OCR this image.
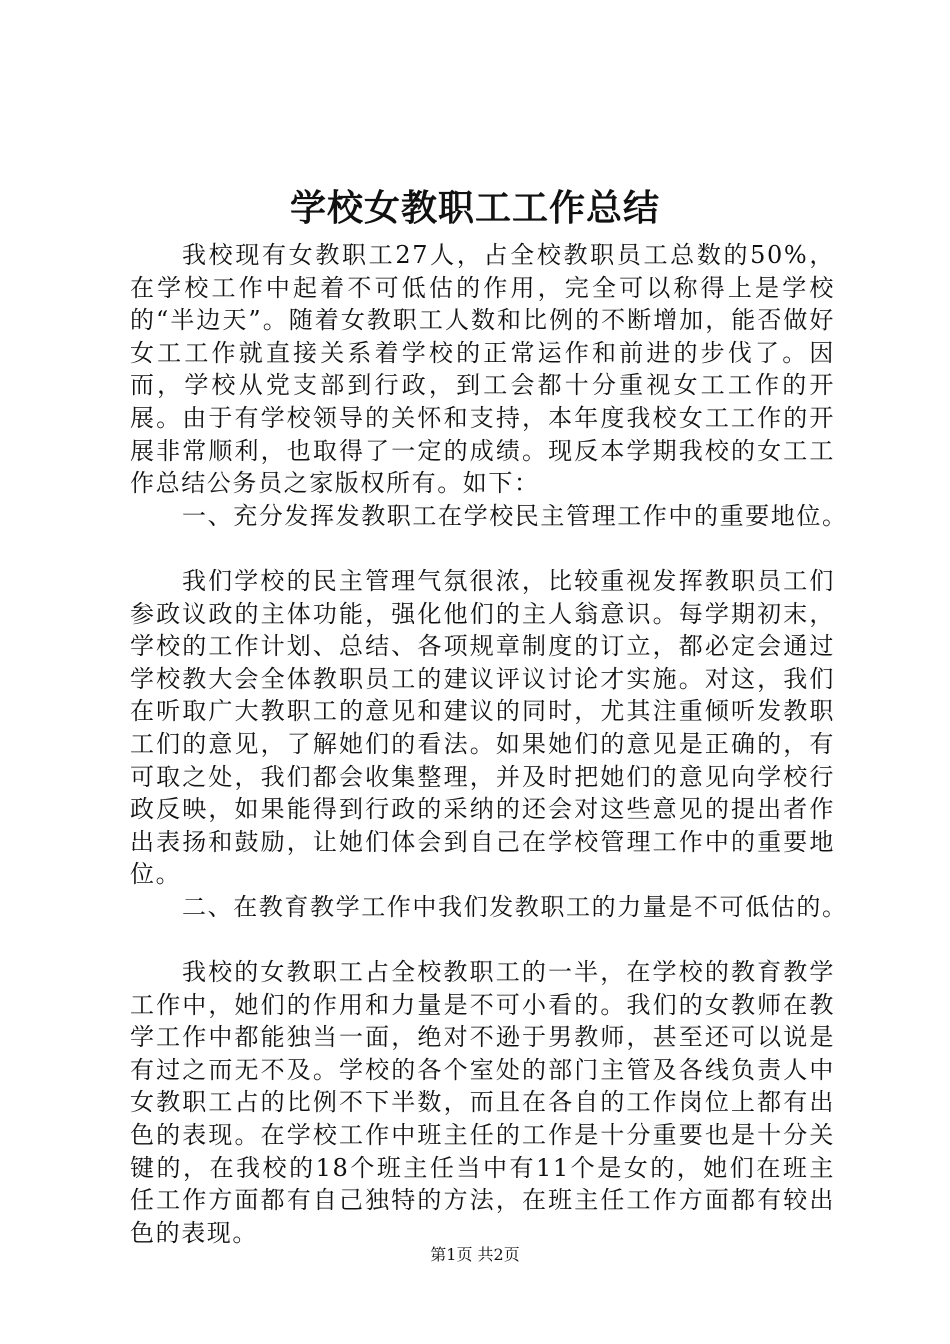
学校女教职工工作总结

我校现有女教职工27人，占全校教职员工总数的50%，在学校工作中起着不可低估的作用，完全可以称得上是学校的“半边天”。随着女教职工人数和比例的不断增加，能否做好女工工作就直接关系着学校的正常运作和前进的步伐了。因而，学校从党支部到行政，到工会都十分重视女工工作的开展。由于有学校领导的关怀和支持，本年度我校女工工作的开展非常顺利，也取得了一定的成绩。现反本学期我校的女工工作总结公务员之家版权所有。如下：

一、充分发挥发教职工在学校民主管理工作中的重要地位。

我们学校的民主管理气氛很浓，比较重视发挥教职员工们参政议政的主体功能，强化他们的主人翁意识。每学期初末，学校的工作计划、总结、各项规章制度的订立，都必定会通过学校教大会全体教职员工的建议评议讨论才实施。对这，我们在听取广大教职工的意见和建议的同时，尤其注重倾听发教职工们的意见，了解她们的看法。如果她们的意见是正确的，有可取之处，我们都会收集整理，并及时把她们的意见向学校行政反映，如果能得到行政的采纳的还会对这些意见的提出者作出表扬和鼓励，让她们体会到自己在学校管理工作中的重要地位。

二、在教育教学工作中我们发教职工的力量是不可低估的。

我校的女教职工占全校教职工的一半，在学校的教育教学工作中，她们的作用和力量是不可小看的。我们的女教师在教学工作中都能独当一面，绝对不逊于男教师，甚至还可以说是有过之而无不及。学校的各个室处的部门主管及各线负责人中女教职工占的比例不下半数，而且在各自的工作岗位上都有出色的表现。在学校工作中班主任的工作是十分重要也是十分关键的，在我校的18个班主任当中有11个是女的，她们在班主任工作方面都有自己独特的方法，在班主任工作方面都有较出色的表现。

第1页 共2页
